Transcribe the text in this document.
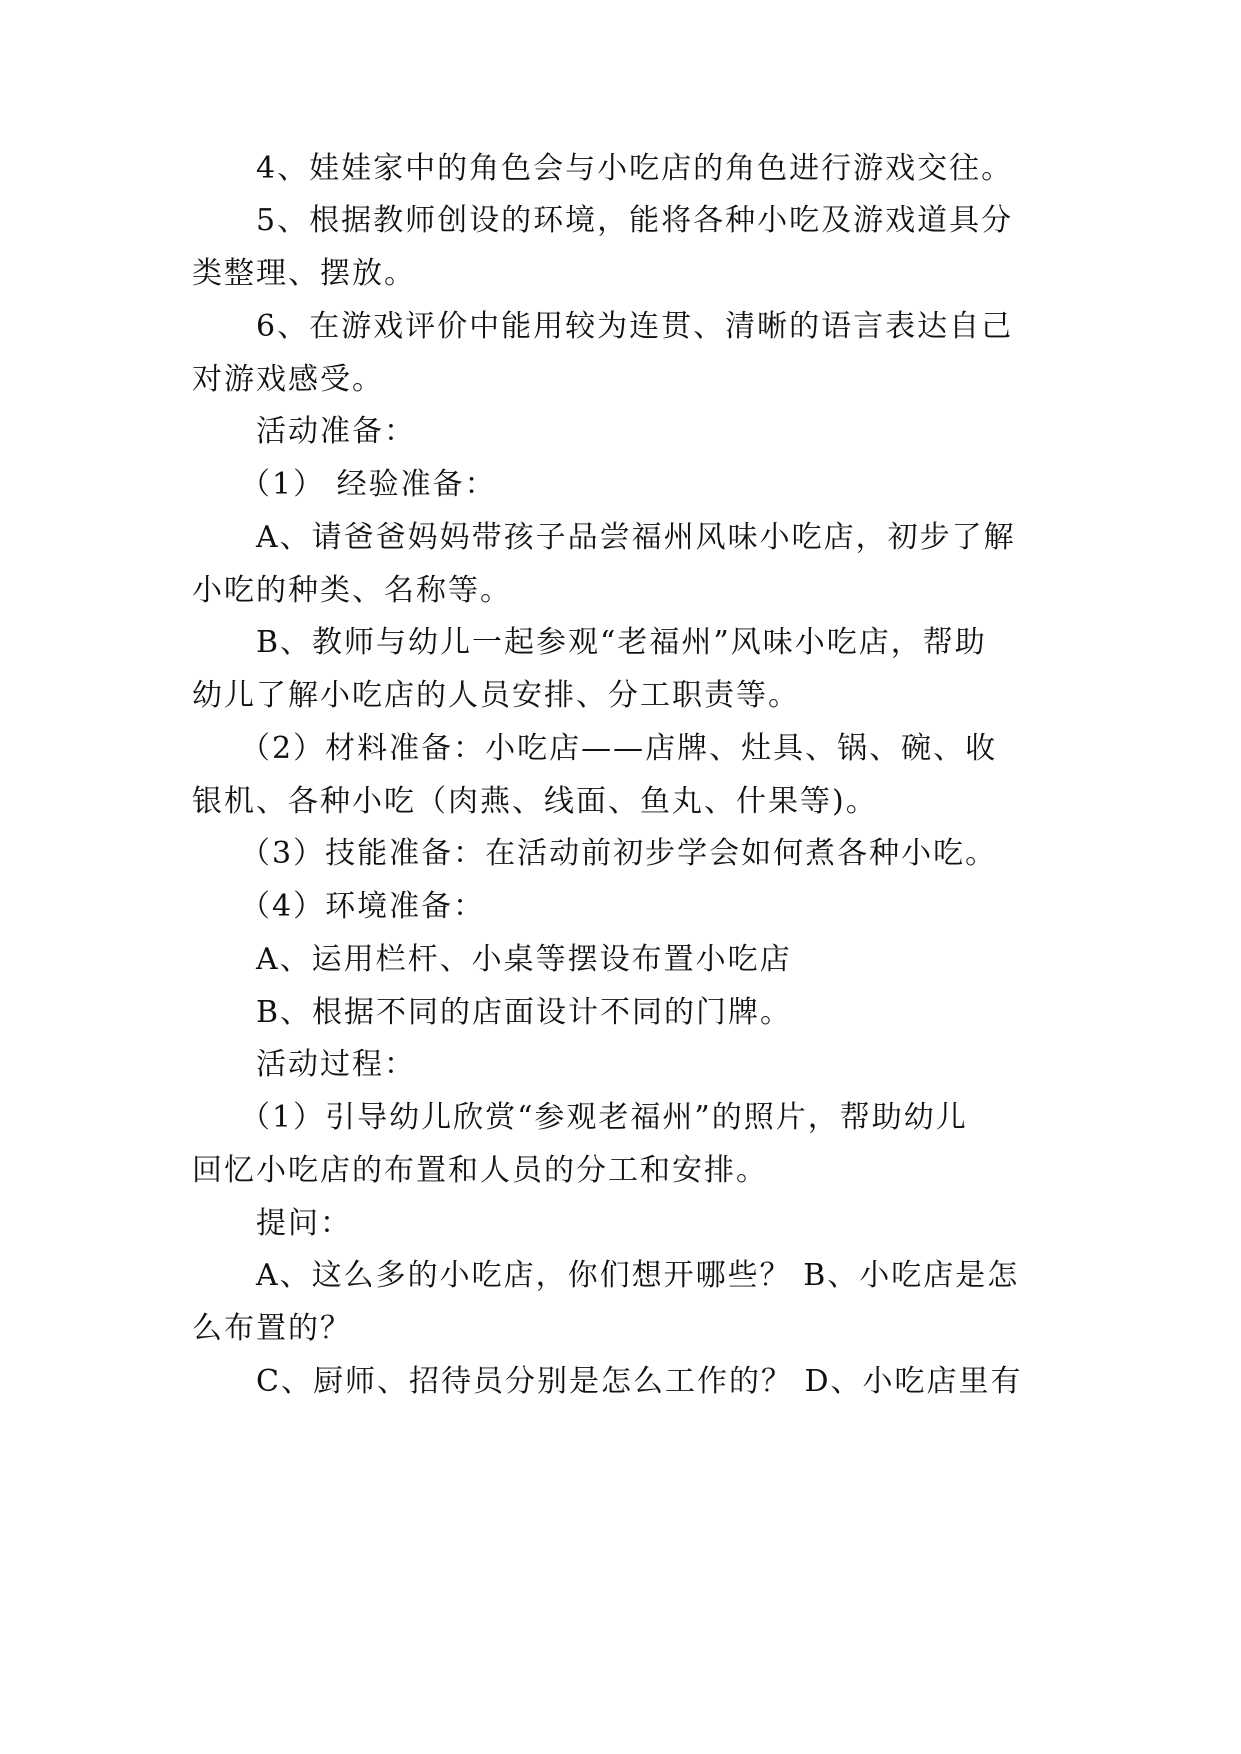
4、娃娃家中的角色会与小吃店的角色进行游戏交往。
5、根据教师创设的环境，能将各种小吃及游戏道具分
类整理、摆放。
6、在游戏评价中能用较为连贯、清晰的语言表达自己
对游戏感受。
活动准备：
（1） 经验准备：
A、请爸爸妈妈带孩子品尝福州风味小吃店，初步了解
小吃的种类、名称等。
B、教师与幼儿一起参观“老福州”风味小吃店，帮助
幼儿了解小吃店的人员安排、分工职责等。
（2）材料准备：小吃店——店牌、灶具、锅、碗、收
银机、各种小吃（肉燕、线面、鱼丸、什果等)。
（3）技能准备：在活动前初步学会如何煮各种小吃。
（4）环境准备：
A、运用栏杆、小桌等摆设布置小吃店
B、根据不同的店面设计不同的门牌。
活动过程：
（1）引导幼儿欣赏“参观老福州”的照片，帮助幼儿
回忆小吃店的布置和人员的分工和安排。
提问：
A、这么多的小吃店，你们想开哪些？ B、小吃店是怎
么布置的？
C、厨师、招待员分别是怎么工作的？ D、小吃店里有
